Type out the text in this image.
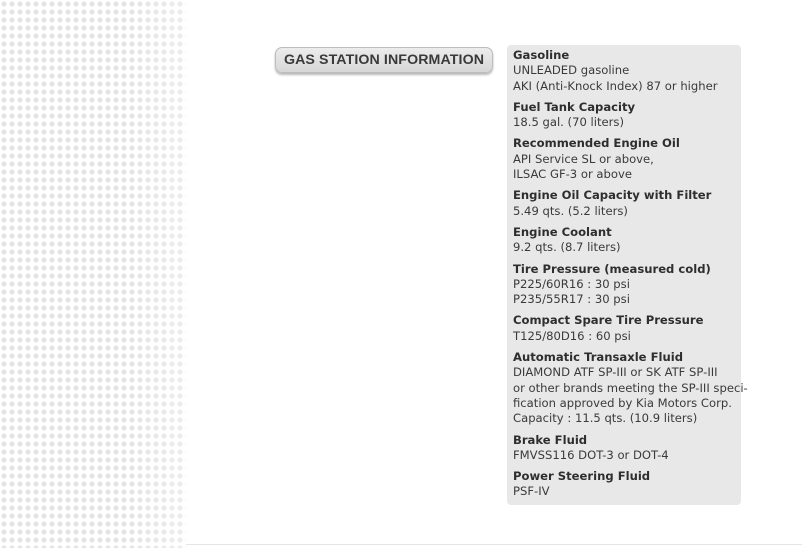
GAS STATION INFORMATION Gasoline
UNLEADED gasoline
AKI (Anti-Knock Index) 87 or higher
Fuel Tank Capacity
18.5 gal. (70 liters)
Recommended Engine Oil
API Service SL or above,
ILSAC GF-3 or above
Engine Oil Capacity with Filter
5.49 qts. (5.2 liters)
Engine Coolant
9.2 qts. (8.7 liters)
Tire Pressure (measured cold)
P225/60R16 : 30 psi
P235/55R17 : 30 psi
Compact Spare Tire Pressure
T125/80D16 : 60 psi
Automatic Transaxle Fluid
DIAMOND ATF SP-III or SK ATF SP-III
or other brands meeting the SP-III speci-
fication approved by Kia Motors Corp.
Capacity : 11.5 qts. (10.9 liters)
Brake Fluid
FMVSS116 DOT-3 or DOT-4
Power Steering Fluid
PSF-IV
